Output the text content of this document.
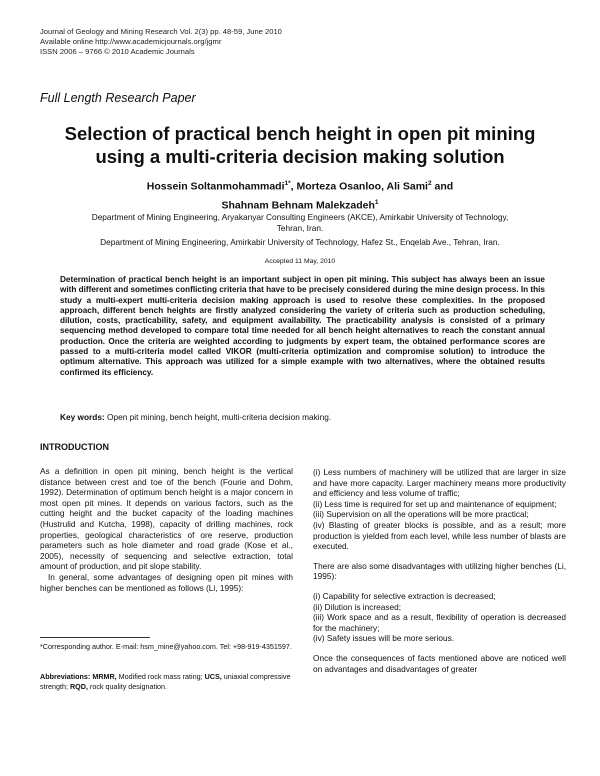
Journal of Geology and Mining Research Vol. 2(3) pp. 48-59, June 2010
Available online http://www.academicjournals.org/jgmr
ISSN 2006 – 9766 © 2010 Academic Journals
Full Length Research Paper
Selection of practical bench height in open pit mining
using a multi-criteria decision making solution
Hossein Soltanmohammadi$^{1*}$, Morteza Osanloo, Ali Sami$^2$ and
Shahnam Behnam Malekzadeh$^1$
Department of Mining Engineering, Aryakanyar Consulting Engineers (AKCE), Amirkabir University of Technology,
Tehran, Iran.
Department of Mining Engineering, Amirkabir University of Technology, Hafez St., Enqelab Ave., Tehran, Iran.
Accepted 11 May, 2010
Determination of practical bench height is an important subject in open pit mining. This subject has always been an issue with different and sometimes conflicting criteria that have to be precisely considered during the mine design process. In this study a multi-expert multi-criteria decision making approach is used to resolve these complexities. In the proposed approach, different bench heights are firstly analyzed considering the variety of criteria such as production scheduling, dilution, costs, practicability, safety, and equipment availability. The practicability analysis is consisted of a primary sequencing method developed to compare total time needed for all bench height alternatives to reach the constant annual production. Once the criteria are weighted according to judgments by expert team, the obtained performance scores are passed to a multi-criteria model called VIKOR (multi-criteria optimization and compromise solution) to introduce the optimum alternative. This approach was utilized for a simple example with two alternatives, where the obtained results confirmed its efficiency.
Key words: Open pit mining, bench height, multi-criteria decision making.
INTRODUCTION

As a definition in open pit mining, bench height is the vertical distance between crest and toe of the bench (Fourie and Dohm, 1992). Determination of optimum bench height is a major concern in most open pit mines. It depends on various factors, such as the cutting height and the bucket capacity of the loading machines (Hustrulid and Kutcha, 1998), capacity of drilling machines, rock properties, geological characteristics of ore reserve, production parameters such as hole diameter and road grade (Kose et al., 2005), necessity of sequencing and selective extraction, total amount of production, and pit slope stability.

In general, some advantages of designing open pit mines with higher benches can be mentioned as follows (Li, 1995):

*Corresponding author. E-mail: hsm_mine@yahoo.com. Tel: +98-919-4351597.
Abbreviations: MRMR, Modified rock mass rating; UCS, uniaxial compressive strength; RQD, rock quality designation.

(i) Less numbers of machinery will be utilized that are larger in size and have more capacity. Larger machinery means more productivity and efficiency and less volume of traffic;

(ii) Less time is required for set up and maintenance of equipment;

(iii) Supervision on all the operations will be more practical;

(iv) Blasting of greater blocks is possible, and as a result; more production is yielded from each level, while less number of blasts are executed.

There are also some disadvantages with utilizing higher benches (Li, 1995):

(i) Capability for selective extraction is decreased;

(ii) Dilution is increased;

(iii) Work space and as a result, flexibility of operation is decreased for the machinery;

(iv) Safety issues will be more serious.

Once the consequences of facts mentioned above are noticed well on advantages and disadvantages of greater
